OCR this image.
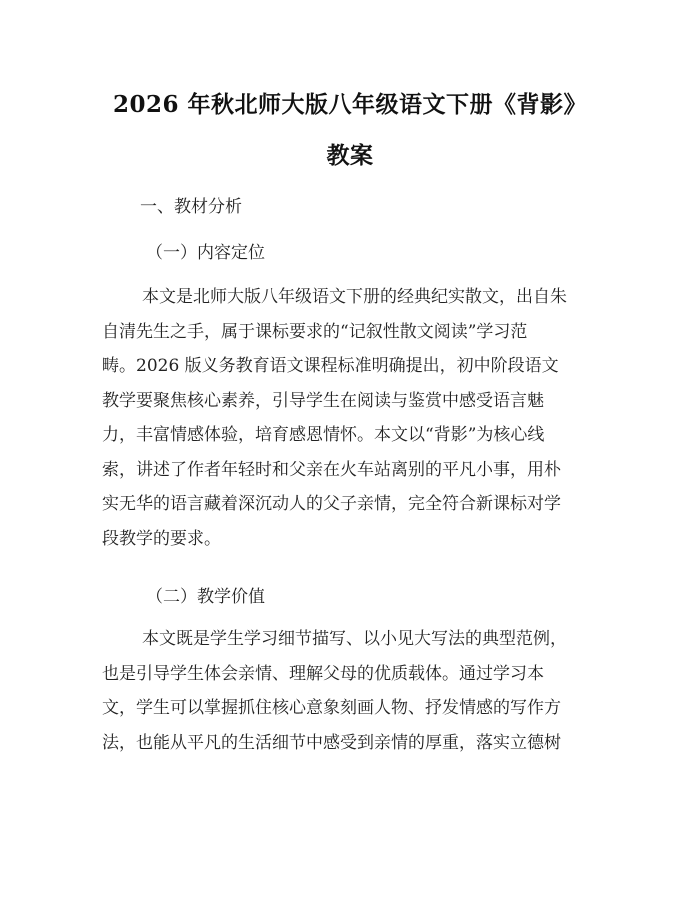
2026 年秋北师大版八年级语文下册《背影》
教案
一、教材分析
（一）内容定位
本文是北师大版八年级语文下册的经典纪实散文，出自朱
自清先生之手，属于课标要求的“记叙性散文阅读”学习范
畴。2026 版义务教育语文课程标准明确提出，初中阶段语文
教学要聚焦核心素养，引导学生在阅读与鉴赏中感受语言魅
力，丰富情感体验，培育感恩情怀。本文以“背影”为核心线
索，讲述了作者年轻时和父亲在火车站离别的平凡小事，用朴
实无华的语言藏着深沉动人的父子亲情，完全符合新课标对学
段教学的要求。
（二）教学价值
本文既是学生学习细节描写、以小见大写法的典型范例，
也是引导学生体会亲情、理解父母的优质载体。通过学习本
文，学生可以掌握抓住核心意象刻画人物、抒发情感的写作方
法，也能从平凡的生活细节中感受到亲情的厚重，落实立德树
